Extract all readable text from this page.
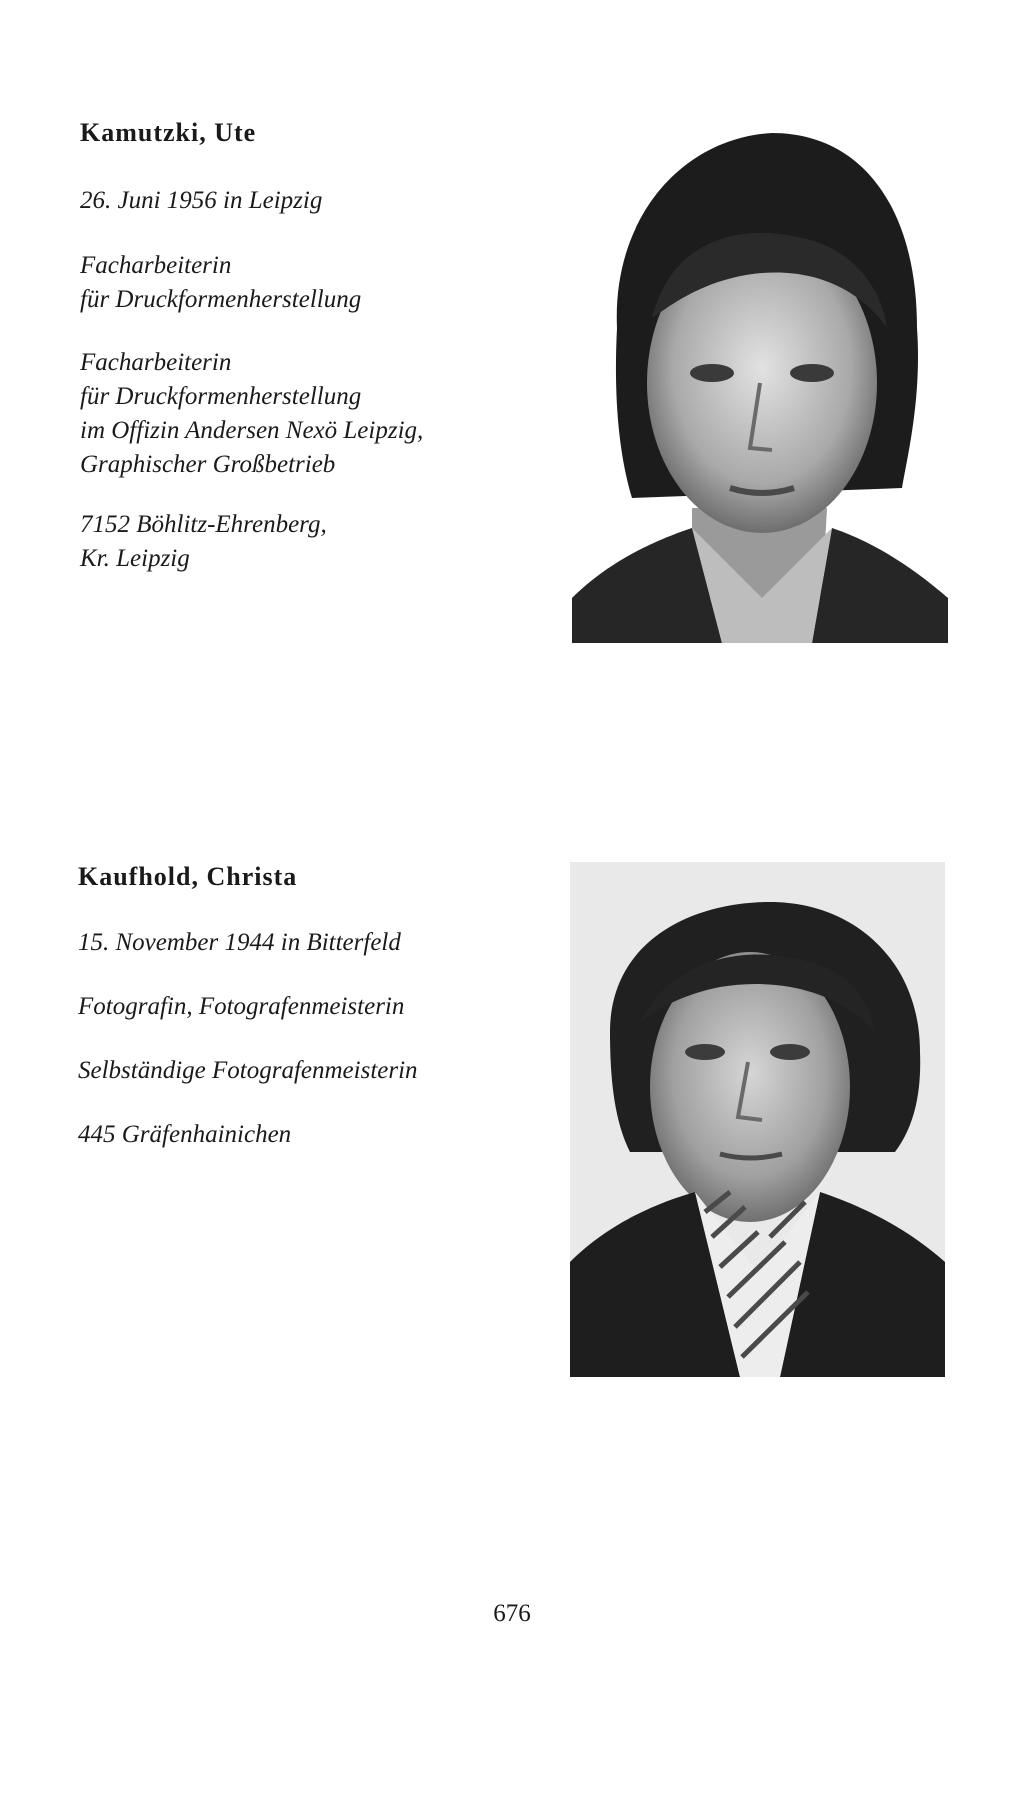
Kamutzki, Ute

26. Juni 1956 in Leipzig

Facharbeiterin
für Druckformenherstellung

Facharbeiterin
für Druckformenherstellung
im Offizin Andersen Nexö Leipzig,
Graphischer Großbetrieb

7152 Böhlitz-Ehrenberg,
Kr. Leipzig

Kaufhold, Christa

15. November 1944 in Bitterfeld

Fotografin, Fotografenmeisterin

Selbständige Fotografenmeisterin

445 Gräfenhainichen

676
